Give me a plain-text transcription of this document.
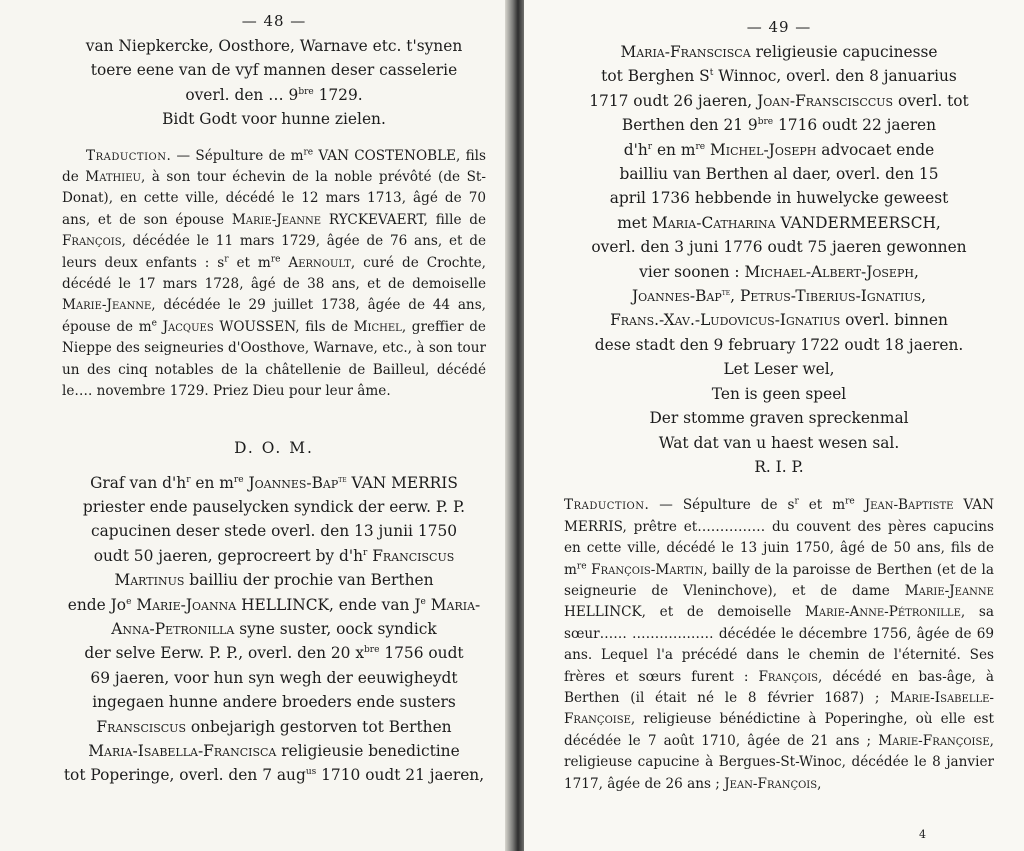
— 48 —

van Niepkercke, Oosthore, Warnave etc. t'synen

toere eene van de vyf mannen deser casselerie

overl. den … $9^{bre}$ 1729.

Bidt Godt voor hunne zielen.

Traduction. — Sépulture de $m^{re}$ VAN COSTENOBLE, fils de Mathieu, à son tour échevin de la noble prévôté (de St-Donat), en cette ville, décédé le 12 mars 1713, âgé de 70 ans, et de son épouse Marie-Jeanne RYCKEVAERT, fille de François, décédée le 11 mars 1729, âgée de 76 ans, et de leurs deux enfants : $s^r$ et $m^{re}$ Aernoult, curé de Crochte, décédé le 17 mars 1728, âgé de 38 ans, et de demoiselle Marie-Jeanne, décédée le 29 juillet 1738, âgée de 44 ans, épouse de $m^e$ Jacques WOUSSEN, fils de Michel, greffier de Nieppe des seigneuries d'Oosthove, Warnave, etc., à son tour un des cinq notables de la châtellenie de Bailleul, décédé le…. novembre 1729. Priez Dieu pour leur âme.

D. O. M.

Graf van $d'h^r$ en $m^{re}$ Joannes-Bap$^{te}$ VAN MERRIS

priester ende pauselycken syndick der eerw. P. P.

capucinen deser stede overl. den 13 junii 1750

oudt 50 jaeren, geprocreert by $d'h^r$ Franciscus

Martinus bailliu der prochie van Berthen

ende Jo$^e$ Marie-Joanna HELLINCK, ende van $J^e$ Maria-

Anna-Petronilla syne suster, oock syndick

der selve Eerw. P. P., overl. den 20 $x^{bre}$ 1756 oudt

69 jaeren, voor hun syn wegh der eeuwigheydt

ingegaen hunne andere broeders ende susters

Fransciscus onbejarigh gestorven tot Berthen

Maria-Isabella-Francisca religieusie benedictine

tot Poperinge, overl. den 7 aug$^{us}$ 1710 oudt 21 jaeren,

— 49 —

Maria-Franscisca religieusie capucinesse

tot Berghen $S^t$ Winnoc, overl. den 8 januarius

1717 oudt 26 jaeren, Joan-Franscisccus overl. tot

Berthen den 21 $9^{bre}$ 1716 oudt 22 jaeren

$d'h^r$ en $m^{re}$ Michel-Joseph advocaet ende

bailliu van Berthen al daer, overl. den 15

april 1736 hebbende in huwelycke geweest

met Maria-Catharina VANDERMEERSCH,

overl. den 3 juni 1776 oudt 75 jaeren gewonnen

vier soonen : Michael-Albert-Joseph,

Joannes-Bap$^{te}$, Petrus-Tiberius-Ignatius,

Frans.-Xav.-Ludovicus-Ignatius overl. binnen

dese stadt den 9 february 1722 oudt 18 jaeren.

Let Leser wel,

Ten is geen speel

Der stomme graven spreckenmal

Wat dat van u haest wesen sal.

R. I. P.

Traduction. — Sépulture de $s^r$ et $m^{re}$ Jean-Baptiste VAN MERRIS, prêtre et…………… du couvent des pères capucins en cette ville, décédé le 13 juin 1750, âgé de 50 ans, fils de $m^{re}$ François-Martin, bailly de la paroisse de Berthen (et de la seigneurie de Vleninchove), et de dame Marie-Jeanne HELLINCK, et de demoiselle Marie-Anne-Pétronille, sa sœur…… ……………… décédée le décembre 1756, âgée de 69 ans. Lequel l'a précédé dans le chemin de l'éternité. Ses frères et sœurs furent : François, décédé en bas-âge, à Berthen (il était né le 8 février 1687) ; Marie-Isabelle-Françoise, religieuse bénédictine à Poperinghe, où elle est décédée le 7 août 1710, âgée de 21 ans ; Marie-Françoise, religieuse capucine à Bergues-St-Winoc, décédée le 8 janvier 1717, âgée de 26 ans ; Jean-François,

4
